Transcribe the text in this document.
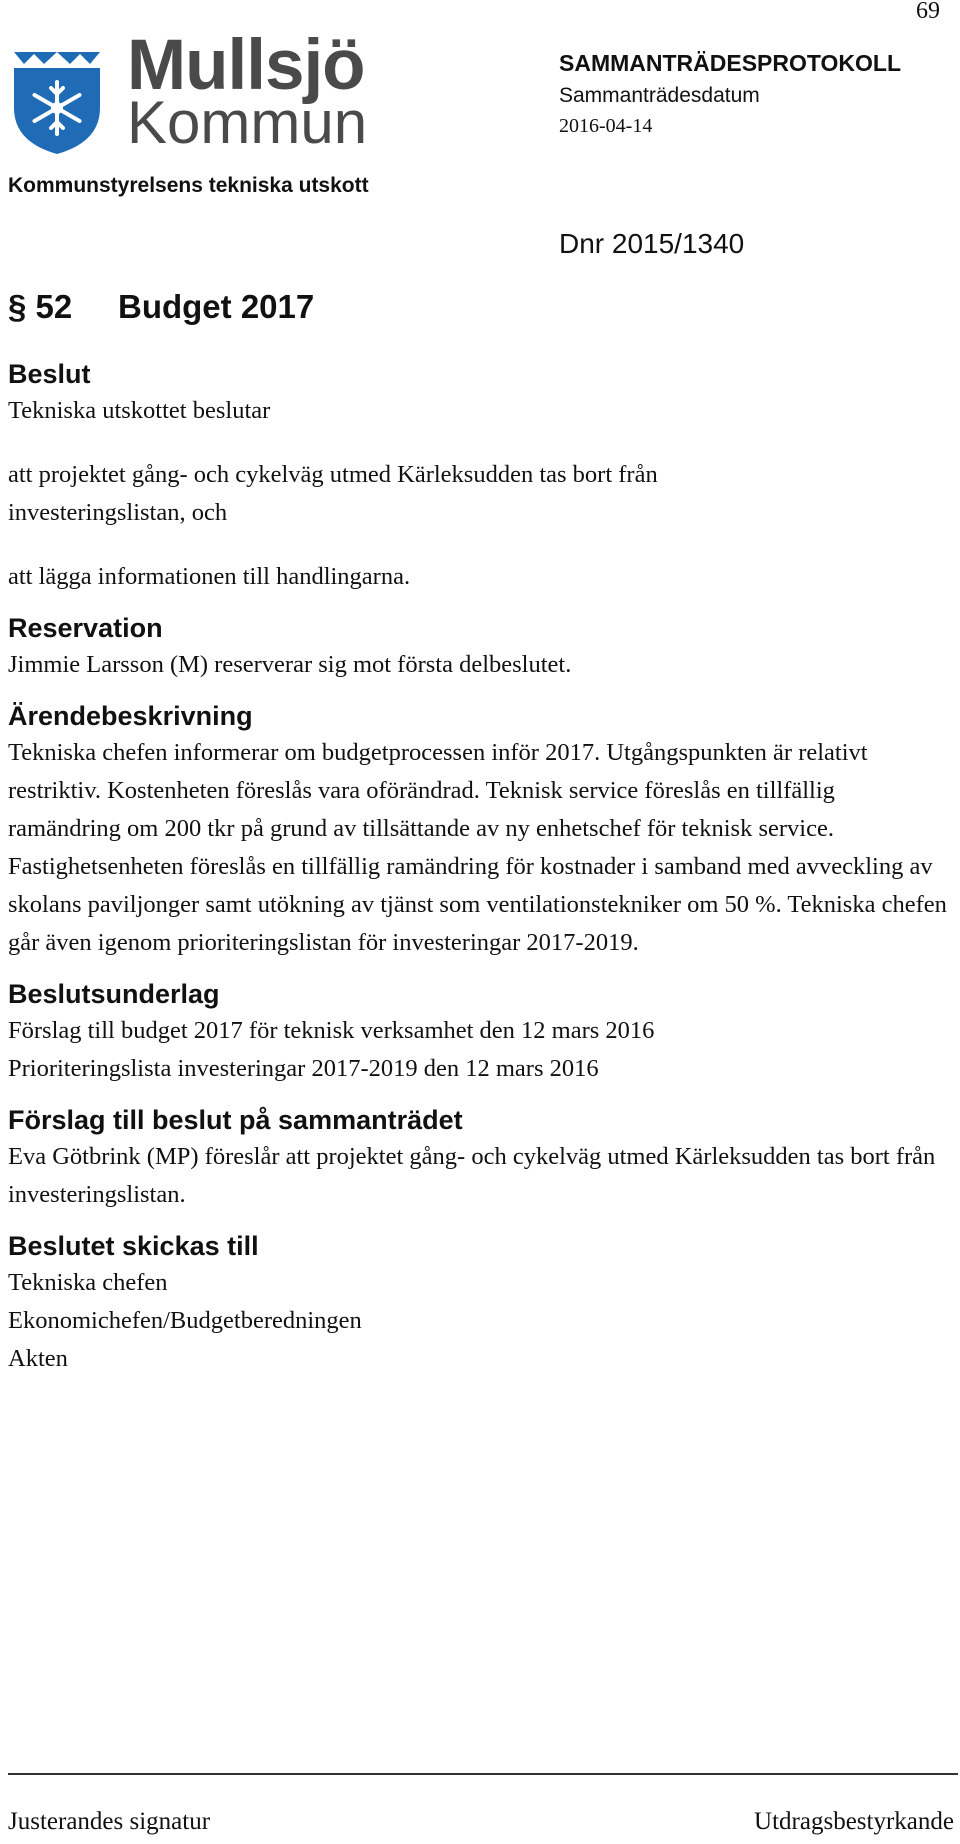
69
Mullsjö
Kommun
Kommunstyrelsens tekniska utskott
SAMMANTRÄDESPROTOKOLL
Sammanträdesdatum
2016-04-14
Dnr 2015/1340
§ 52 Budget 2017
Beslut

Tekniska utskottet beslutar

att projektet gång- och cykelväg utmed Kärleksudden tas bort från investeringslistan, och

att lägga informationen till handlingarna.

Reservation

Jimmie Larsson (M) reserverar sig mot första delbeslutet.

Ärendebeskrivning

Tekniska chefen informerar om budgetprocessen inför 2017. Utgångspunkten är relativt restriktiv. Kostenheten föreslås vara oförändrad. Teknisk service föreslås en tillfällig ramändring om 200 tkr på grund av tillsättande av ny enhetschef för teknisk service. Fastighetsenheten föreslås en tillfällig ramändring för kostnader i samband med avveckling av skolans paviljonger samt utökning av tjänst som ventilationstekniker om 50 %. Tekniska chefen går även igenom prioriteringslistan för investeringar 2017-2019.

Beslutsunderlag

Förslag till budget 2017 för teknisk verksamhet den 12 mars 2016

Prioriteringslista investeringar 2017-2019 den 12 mars 2016

Förslag till beslut på sammanträdet

Eva Götbrink (MP) föreslår att projektet gång- och cykelväg utmed Kärleksudden tas bort från investeringslistan.

Beslutet skickas till

Tekniska chefen

Ekonomichefen/Budgetberedningen

Akten

Justerandes signatur	Utdragsbestyrkande
